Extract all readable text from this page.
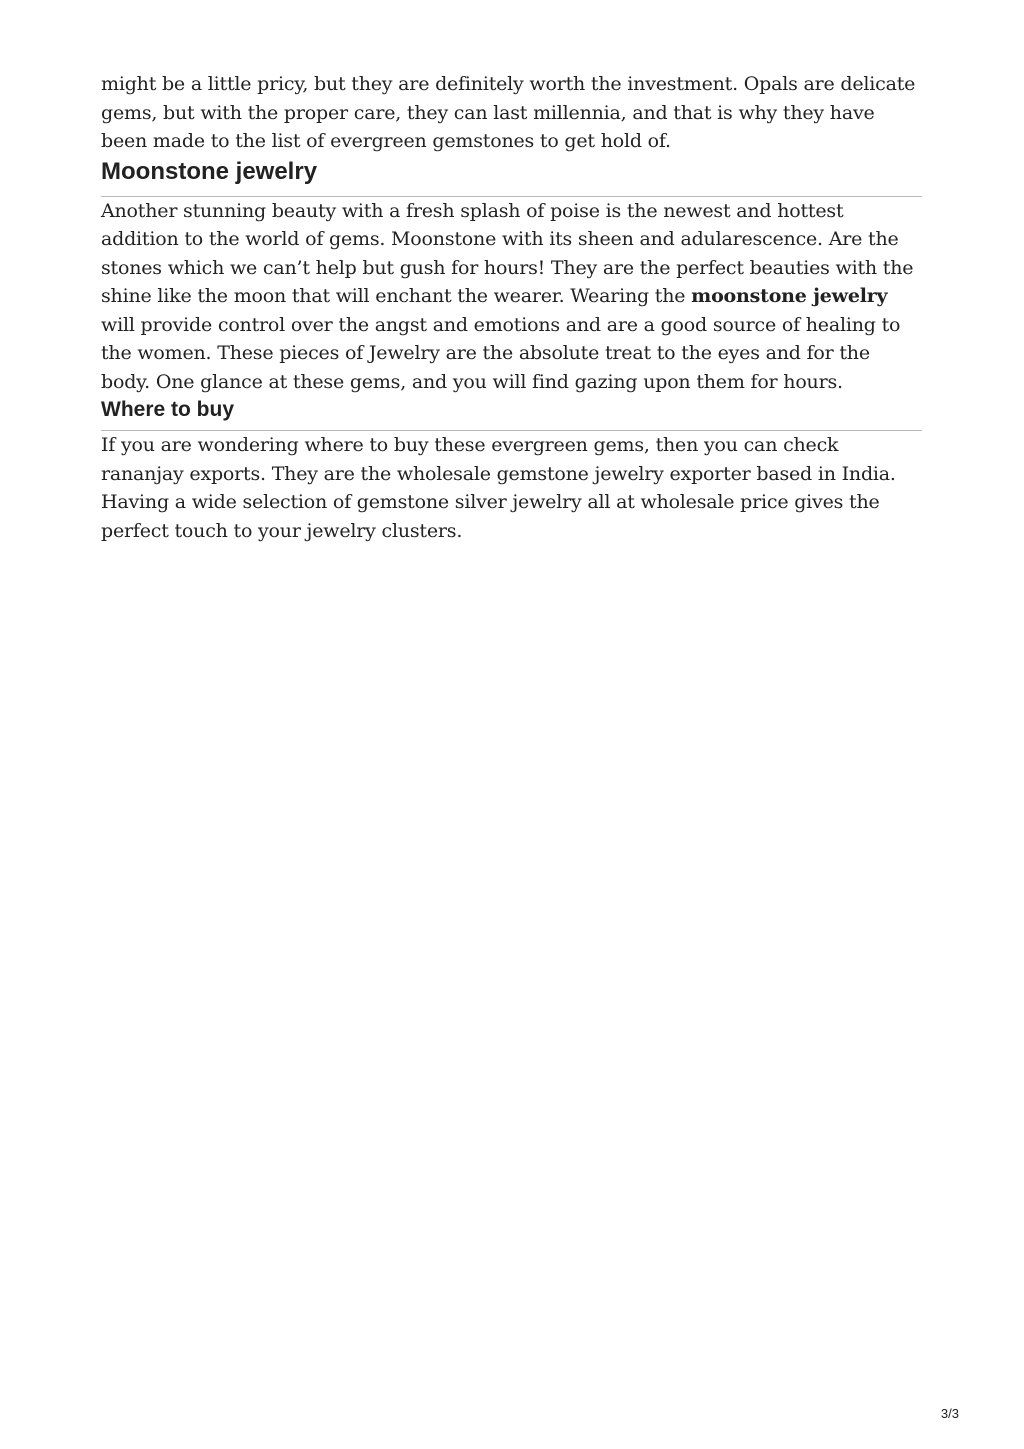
might be a little pricy, but they are definitely worth the investment. Opals are delicate gems, but with the proper care, they can last millennia, and that is why they have been made to the list of evergreen gemstones to get hold of.

Moonstone jewelry

Another stunning beauty with a fresh splash of poise is the newest and hottest addition to the world of gems. Moonstone with its sheen and adularescence. Are the stones which we can’t help but gush for hours! They are the perfect beauties with the shine like the moon that will enchant the wearer. Wearing the moonstone jewelry will provide control over the angst and emotions and are a good source of healing to the women. These pieces of Jewelry are the absolute treat to the eyes and for the body. One glance at these gems, and you will find gazing upon them for hours.

Where to buy

If you are wondering where to buy these evergreen gems, then you can check rananjay exports. They are the wholesale gemstone jewelry exporter based in India. Having a wide selection of gemstone silver jewelry all at wholesale price gives the perfect touch to your jewelry clusters.

3/3
